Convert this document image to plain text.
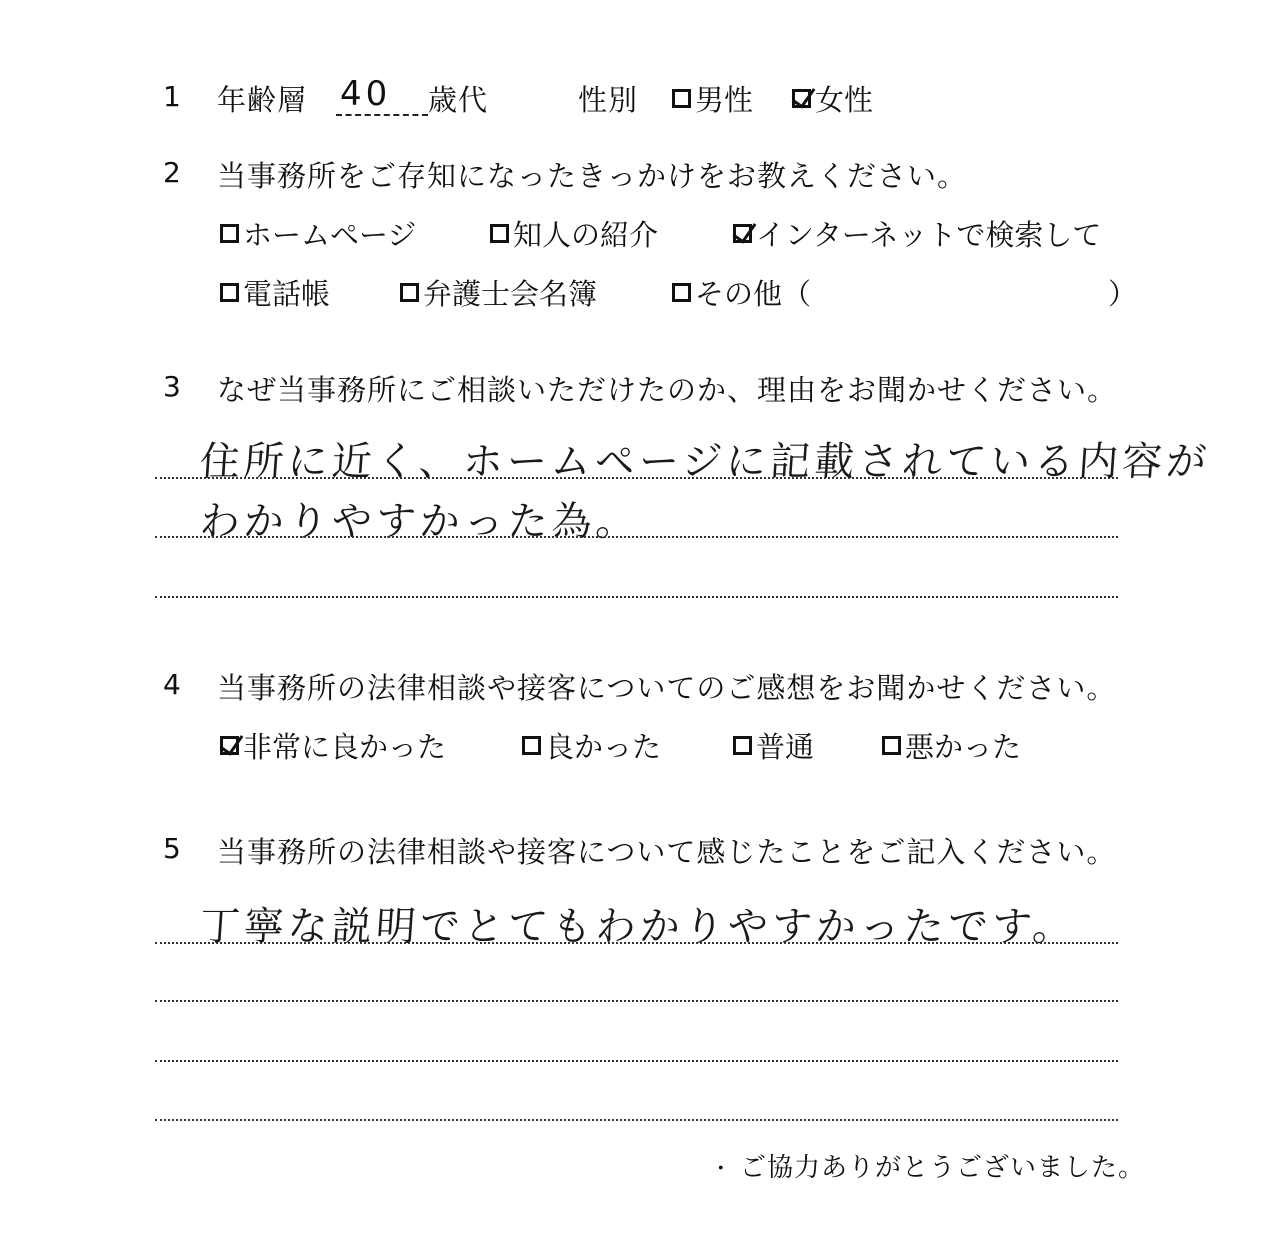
1 年齢層 40 歳代	性別 男性 女性
2 当事務所をご存知になったきっかけをお教えください。
ホームページ	知人の紹介	インターネットで検索して
電話帳	弁護士会名簿	その他（	）
3 なぜ当事務所にご相談いただけたのか、理由をお聞かせください。
住所に近く、ホームページに記載されている内容が
わかりやすかった為。
4 当事務所の法律相談や接客についてのご感想をお聞かせください。
非常に良かった	良かった	普通	悪かった
5 当事務所の法律相談や接客について感じたことをご記入ください。
丁寧な説明でとてもわかりやすかったです。
. ご協力ありがとうございました。
